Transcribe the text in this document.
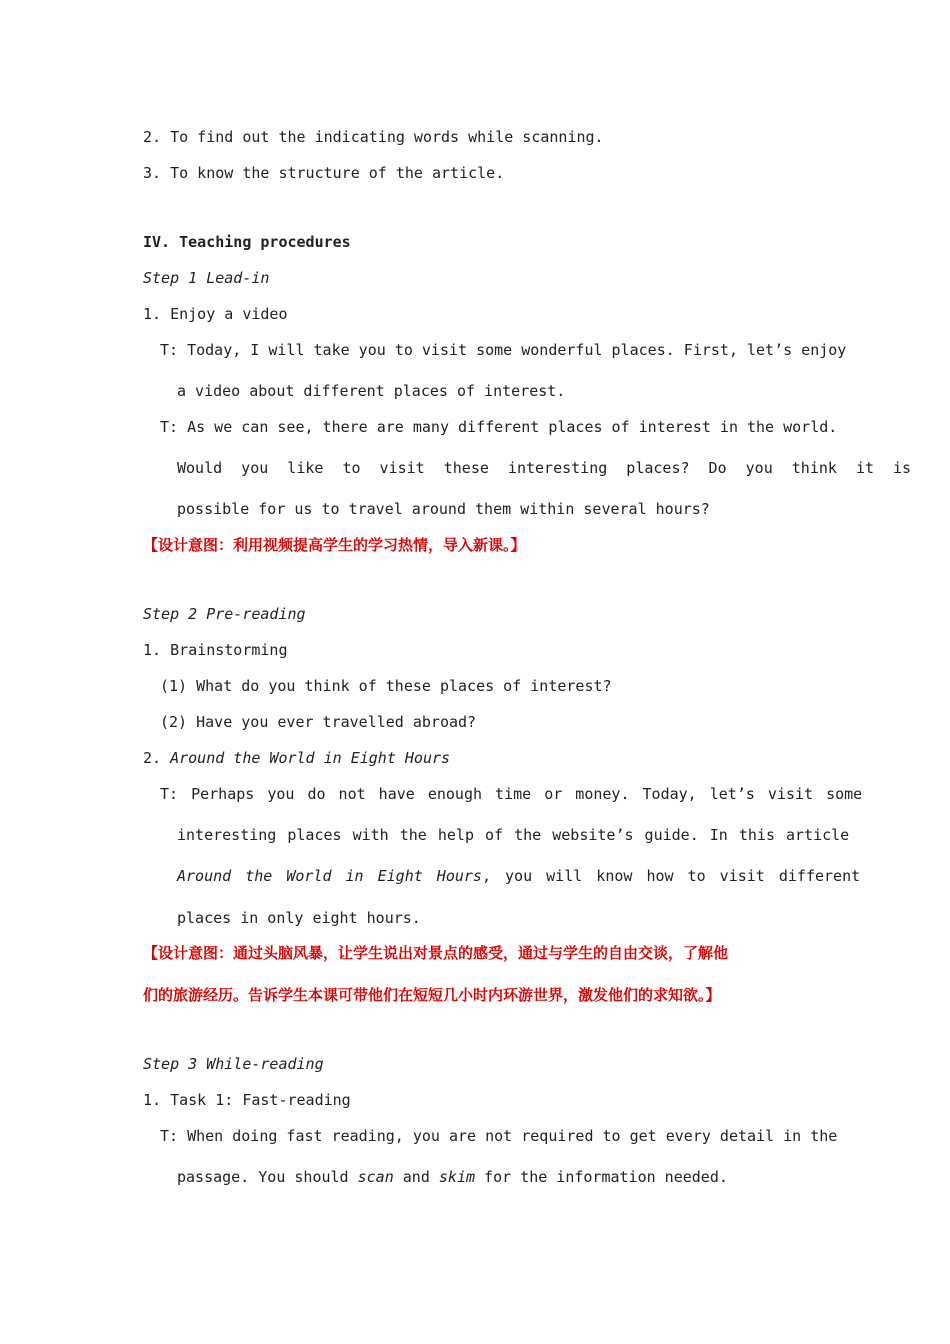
2. To find out the indicating words while scanning.
3. To know the structure of the article.
IV. Teaching procedures
Step 1 Lead-in
1. Enjoy a video
T: Today, I will take you to visit some wonderful places. First, let’s enjoy
a video about different places of interest.
T: As we can see, there are many different places of interest in the world.
Would you like to visit these interesting places? Do you think it is
possible for us to travel around them within several hours?
【设计意图：利用视频提高学生的学习热情，导入新课。】
Step 2 Pre-reading
1. Brainstorming
(1) What do you think of these places of interest?
(2) Have you ever travelled abroad?
2. Around the World in Eight Hours
T: Perhaps you do not have enough time or money. Today, let’s visit some
interesting places with the help of the website’s guide. In this article
Around the World in Eight Hours, you will know how to visit different
places in only eight hours.
【设计意图：通过头脑风暴，让学生说出对景点的感受，通过与学生的自由交谈，了解他
们的旅游经历。告诉学生本课可带他们在短短几小时内环游世界，激发他们的求知欲。】
Step 3 While-reading
1. Task 1: Fast-reading
T: When doing fast reading, you are not required to get every detail in the
passage. You should scan and skim for the information needed.
